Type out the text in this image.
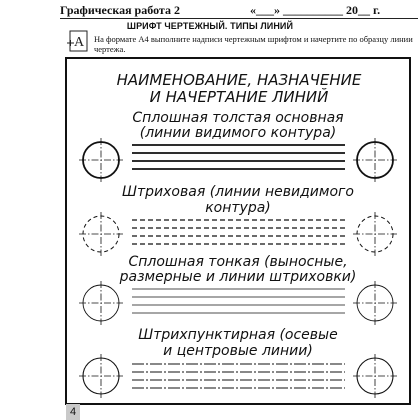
Графическая работа 2	«___» __________ 20__ г.
ШРИФТ ЧЕРТЕЖНЫЙ. ТИПЫ ЛИНИЙ
A На формате А4 выполните надписи чертежным шрифтом и начертите по образцу линии чертежа.
НАИМЕНОВАНИЕ, НАЗНАЧЕНИЕ
И НАЧЕРТАНИЕ ЛИНИЙ
Сплошная толстая основная
(линии видимого контура)
Штриховая (линии невидимого
контура)
Сплошная тонкая (выносные,
размерные и линии штриховки)
Штрихпунктирная (осевые
и центровые линии)
4
